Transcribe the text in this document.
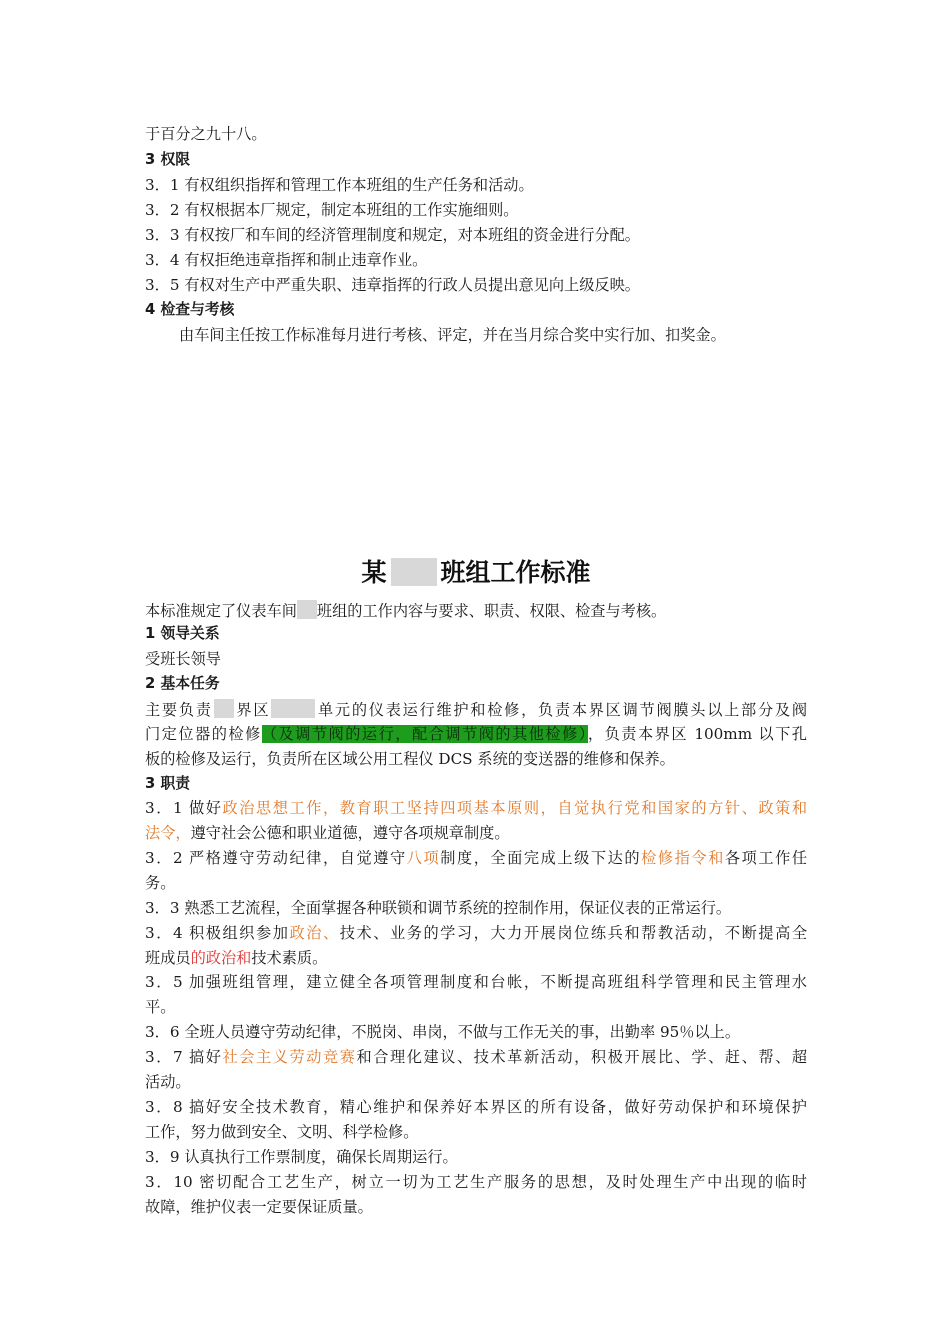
于百分之九十八。
3 权限
3．1 有权组织指挥和管理工作本班组的生产任务和活动。
3．2 有权根据本厂规定，制定本班组的工作实施细则。
3．3 有权按厂和车间的经济管理制度和规定，对本班组的资金进行分配。
3．4 有权拒绝违章指挥和制止违章作业。
3．5 有权对生产中严重失职、违章指挥的行政人员提出意见向上级反映。
4 检查与考核
由车间主任按工作标准每月进行考核、评定，并在当月综合奖中实行加、扣奖金。
某 班组工作标准
本标准规定了仪表车间 班组的工作内容与要求、职责、权限、检查与考核。
1 领导关系
受班长领导
2 基本任务
主要负责 界区	单元的仪表运行维护和检修，负责本界区调节阀膜头以上部分及阀
门定位器的检修（及调节阀的运行，配合调节阀的其他检修），负责本界区 100mm 以下孔
板的检修及运行，负责所在区域公用工程仪 DCS 系统的变送器的维修和保养。
3 职责
3．1 做好政治思想工作，教育职工坚持四项基本原则，自觉执行党和国家的方针、政策和
法令，遵守社会公德和职业道德，遵守各项规章制度。
3．2 严格遵守劳动纪律，自觉遵守八项制度，全面完成上级下达的检修指令和各项工作任
务。
3．3 熟悉工艺流程，全面掌握各种联锁和调节系统的控制作用，保证仪表的正常运行。
3．4 积极组织参加政治、技术、业务的学习，大力开展岗位练兵和帮教活动，不断提高全
班成员的政治和技术素质。
3．5 加强班组管理，建立健全各项管理制度和台帐，不断提高班组科学管理和民主管理水
平。
3．6 全班人员遵守劳动纪律，不脱岗、串岗，不做与工作无关的事，出勤率 95％以上。
3．7 搞好社会主义劳动竞赛和合理化建议、技术革新活动，积极开展比、学、赶、帮、超
活动。
3．8 搞好安全技术教育，精心维护和保养好本界区的所有设备，做好劳动保护和环境保护
工作，努力做到安全、文明、科学检修。
3．9 认真执行工作票制度，确保长周期运行。
3．10 密切配合工艺生产，树立一切为工艺生产服务的思想，及时处理生产中出现的临时
故障，维护仪表一定要保证质量。
